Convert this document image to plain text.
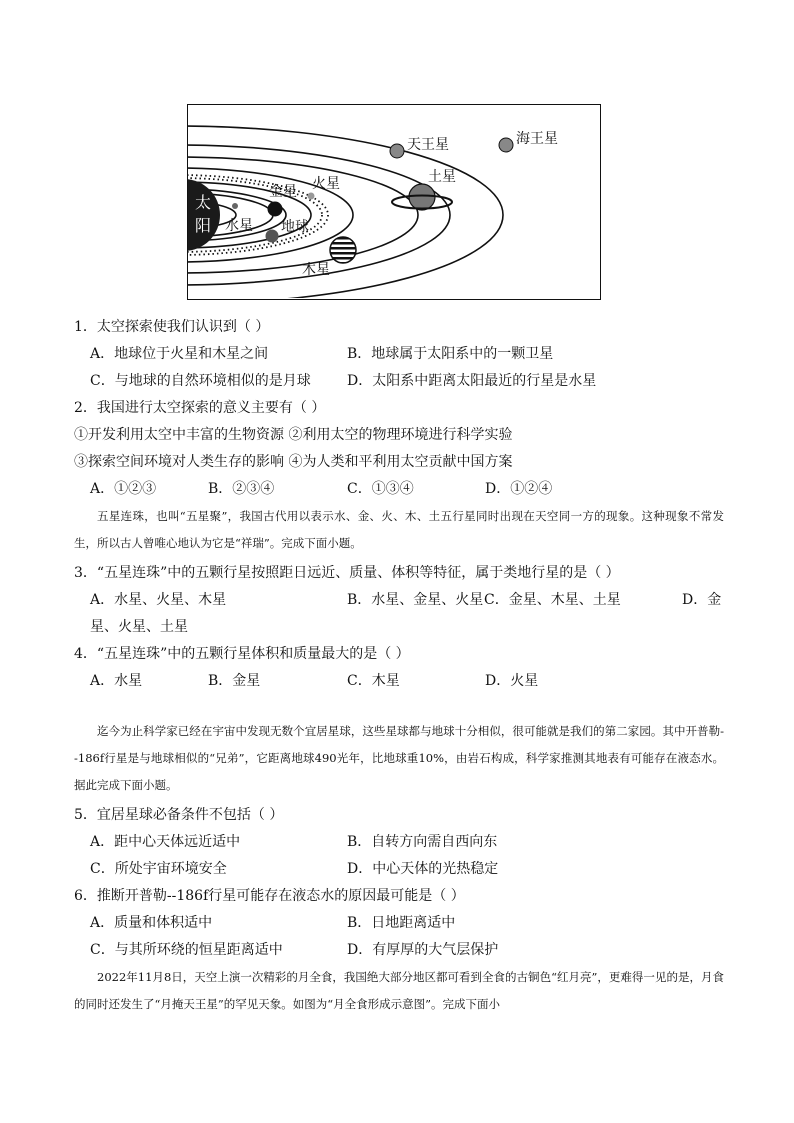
太
阳 水星
金星
地球
火星
木星
土星
天王星	海王星
1．太空探索使我们认识到（ ）
A．地球位于火星和木星之间	B．地球属于太阳系中的一颗卫星
C．与地球的自然环境相似的是月球	D．太阳系中距离太阳最近的行星是水星
2．我国进行太空探索的意义主要有（ ）
①开发利用太空中丰富的生物资源 ②利用太空的物理环境进行科学实验
③探索空间环境对人类生存的影响 ④为人类和平利用太空贡献中国方案
A．①②③	B．②③④	C．①③④	D．①②④
五星连珠，也叫“五星聚”，我国古代用以表示水、金、火、木、土五行星同时出现在天空同一方的现象。这种现象不常发生，所以古人曾唯心地认为它是“祥瑞”。完成下面小题。
3．“五星连珠”中的五颗行星按照距日远近、质量、体积等特征，属于类地行星的是（ ）
A．水星、火星、木星	B．水星、金星、火星 C．金星、木星、土星	D．金
星、火星、土星
4．“五星连珠”中的五颗行星体积和质量最大的是（ ）
A．水星	B．金星	C．木星	D．火星
迄今为止科学家已经在宇宙中发现无数个宜居星球，这些星球都与地球十分相似，很可能就是我们的第二家园。其中开普勒--186f行星是与地球相似的“兄弟”，它距离地球490光年，比地球重10%，由岩石构成，科学家推测其地表有可能存在液态水。据此完成下面小题。
5．宜居星球必备条件不包括（ ）
A．距中心天体远近适中	B．自转方向需自西向东
C．所处宇宙环境安全	D．中心天体的光热稳定
6．推断开普勒--186f行星可能存在液态水的原因最可能是（ ）
A．质量和体积适中	B．日地距离适中
C．与其所环绕的恒星距离适中	D．有厚厚的大气层保护
2022年11月8日，天空上演一次精彩的月全食，我国绝大部分地区都可看到全食的古铜色“红月亮”，更难得一见的是，月食的同时还发生了“月掩天王星”的罕见天象。如图为“月全食形成示意图”。完成下面小
